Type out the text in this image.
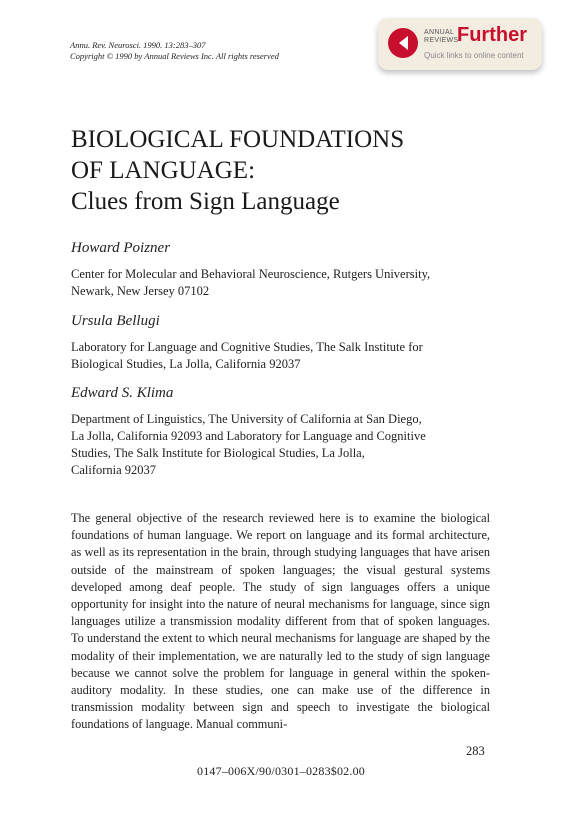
Annu. Rev. Neurosci. 1990. 13:283–307
Copyright © 1990 by Annual Reviews Inc. All rights reserved
ANNUAL
REVIEWS
Further
Quick links to online content
BIOLOGICAL FOUNDATIONS
OF LANGUAGE:
Clues from Sign Language
Howard Poizner
Center for Molecular and Behavioral Neuroscience, Rutgers University,
Newark, New Jersey 07102
Ursula Bellugi
Laboratory for Language and Cognitive Studies, The Salk Institute for
Biological Studies, La Jolla, California 92037
Edward S. Klima
Department of Linguistics, The University of California at San Diego,
La Jolla, California 92093 and Laboratory for Language and Cognitive
Studies, The Salk Institute for Biological Studies, La Jolla,
California 92037

The general objective of the research reviewed here is to examine the biological foundations of human language. We report on language and its formal architecture, as well as its representation in the brain, through studying languages that have arisen outside of the mainstream of spoken languages; the visual gestural systems developed among deaf people. The study of sign languages offers a unique opportunity for insight into the nature of neural mechanisms for language, since sign languages utilize a transmission modality different from that of spoken languages. To understand the extent to which neural mechanisms for language are shaped by the modality of their implementation, we are naturally led to the study of sign language because we cannot solve the problem for language in general within the spoken-auditory modality. In these studies, one can make use of the difference in transmission modality between sign and speech to investigate the biological foundations of language. Manual communi-

283
0147–006X/90/0301–0283$02.00
